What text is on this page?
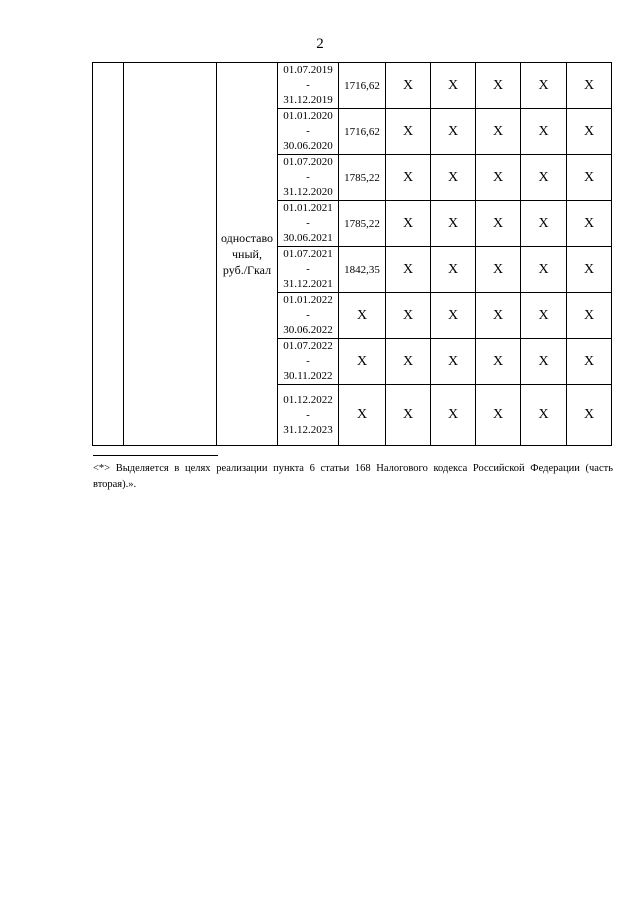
2

		одноставо
чный,
руб./Гкал	01.07.2019
-
31.12.2019	1716,62	X	X	X	X	X

			01.01.2020
-
30.06.2020	1716,62	X	X	X	X	X

			01.07.2020
-
31.12.2020	1785,22	X	X	X	X	X

			01.01.2021
-
30.06.2021	1785,22	X	X	X	X	X

			01.07.2021
-
31.12.2021	1842,35	X	X	X	X	X

			01.01.2022
-
30.06.2022	X	X	X	X	X	X

			01.07.2022
-
30.11.2022	X	X	X	X	X	X

			01.12.2022
-
31.12.2023	X	X	X	X	X	X
<*> Выделяется в целях реализации пункта 6 статьи 168 Налогового кодекса Российской Федерации (часть вторая).».
